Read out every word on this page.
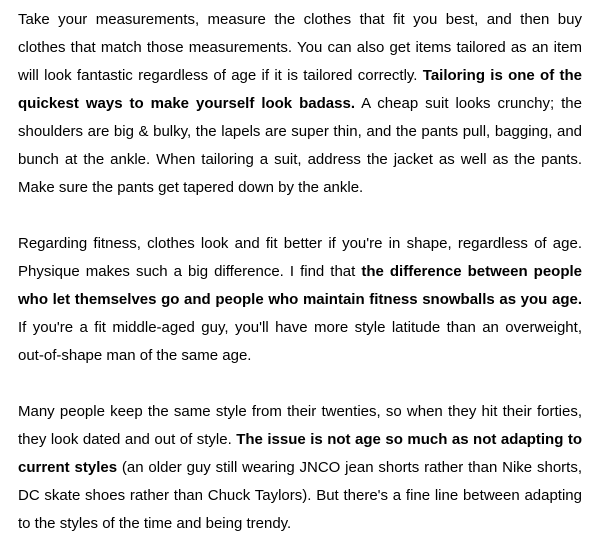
Take your measurements, measure the clothes that fit you best, and then buy clothes that match those measurements. You can also get items tailored as an item will look fantastic regardless of age if it is tailored correctly. Tailoring is one of the quickest ways to make yourself look badass. A cheap suit looks crunchy; the shoulders are big & bulky, the lapels are super thin, and the pants pull, bagging, and bunch at the ankle. When tailoring a suit, address the jacket as well as the pants. Make sure the pants get tapered down by the ankle.

Regarding fitness, clothes look and fit better if you're in shape, regardless of age. Physique makes such a big difference. I find that the difference between people who let themselves go and people who maintain fitness snowballs as you age. If you're a fit middle-aged guy, you'll have more style latitude than an overweight, out-of-shape man of the same age.

Many people keep the same style from their twenties, so when they hit their forties, they look dated and out of style. The issue is not age so much as not adapting to current styles (an older guy still wearing JNCO jean shorts rather than Nike shorts, DC skate shoes rather than Chuck Taylors). But there's a fine line between adapting to the styles of the time and being trendy.
